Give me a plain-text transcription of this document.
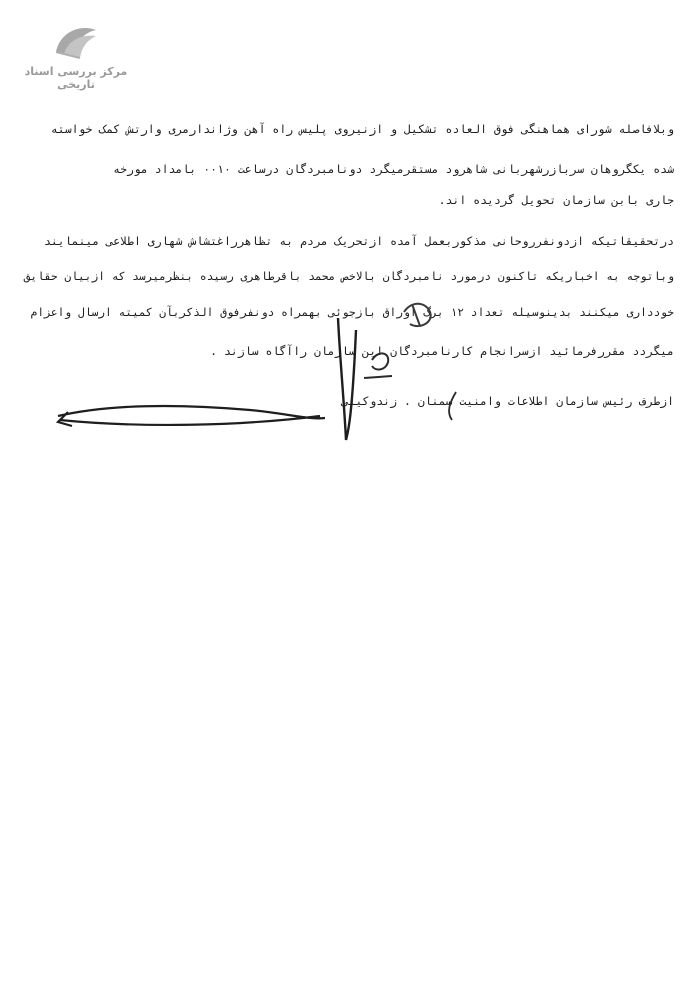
مرکز بررسی اسناد تاریخی
وبلافاصله شورای هماهنگی فوق العاده تشکیل و ازنیروی پلیس راه آهن وژاندارمری وارتش کمک خواسته
شده یکگروهان سربازرشهربانی شاهرود مستقرمیگرد دونامبردگان درساعت ۰۰۱۰ بامداد مورخه
جاری بابن سازمان تحویل گردیده اند.
درتحقیقاتیکه ازدونفرروحانی مذکوربعمل آمده ازتحریک مردم به تظاهرراغتشاش شهاری اطلاعی مینمایند
وباتوجه به اخباریکه تاکنون درمورد نامبردگان بالاخص محمد باقرطاهری رسیده بنظرمیرسد که ازبیان حقایق
خودداری میکنند بدینوسیله تعداد ۱۲ برگ اوراق بازجوئی بهمراه دونفرفوق الذکربآن کمیته ارسال واعزام
میگردد مقررفرمائید ازسرانجام کارنامبردگان این سازمان راآگاه سازند .
ازطرف رئیس سازمان اطلاعات وامنیت سمنان . زندوکیلی
